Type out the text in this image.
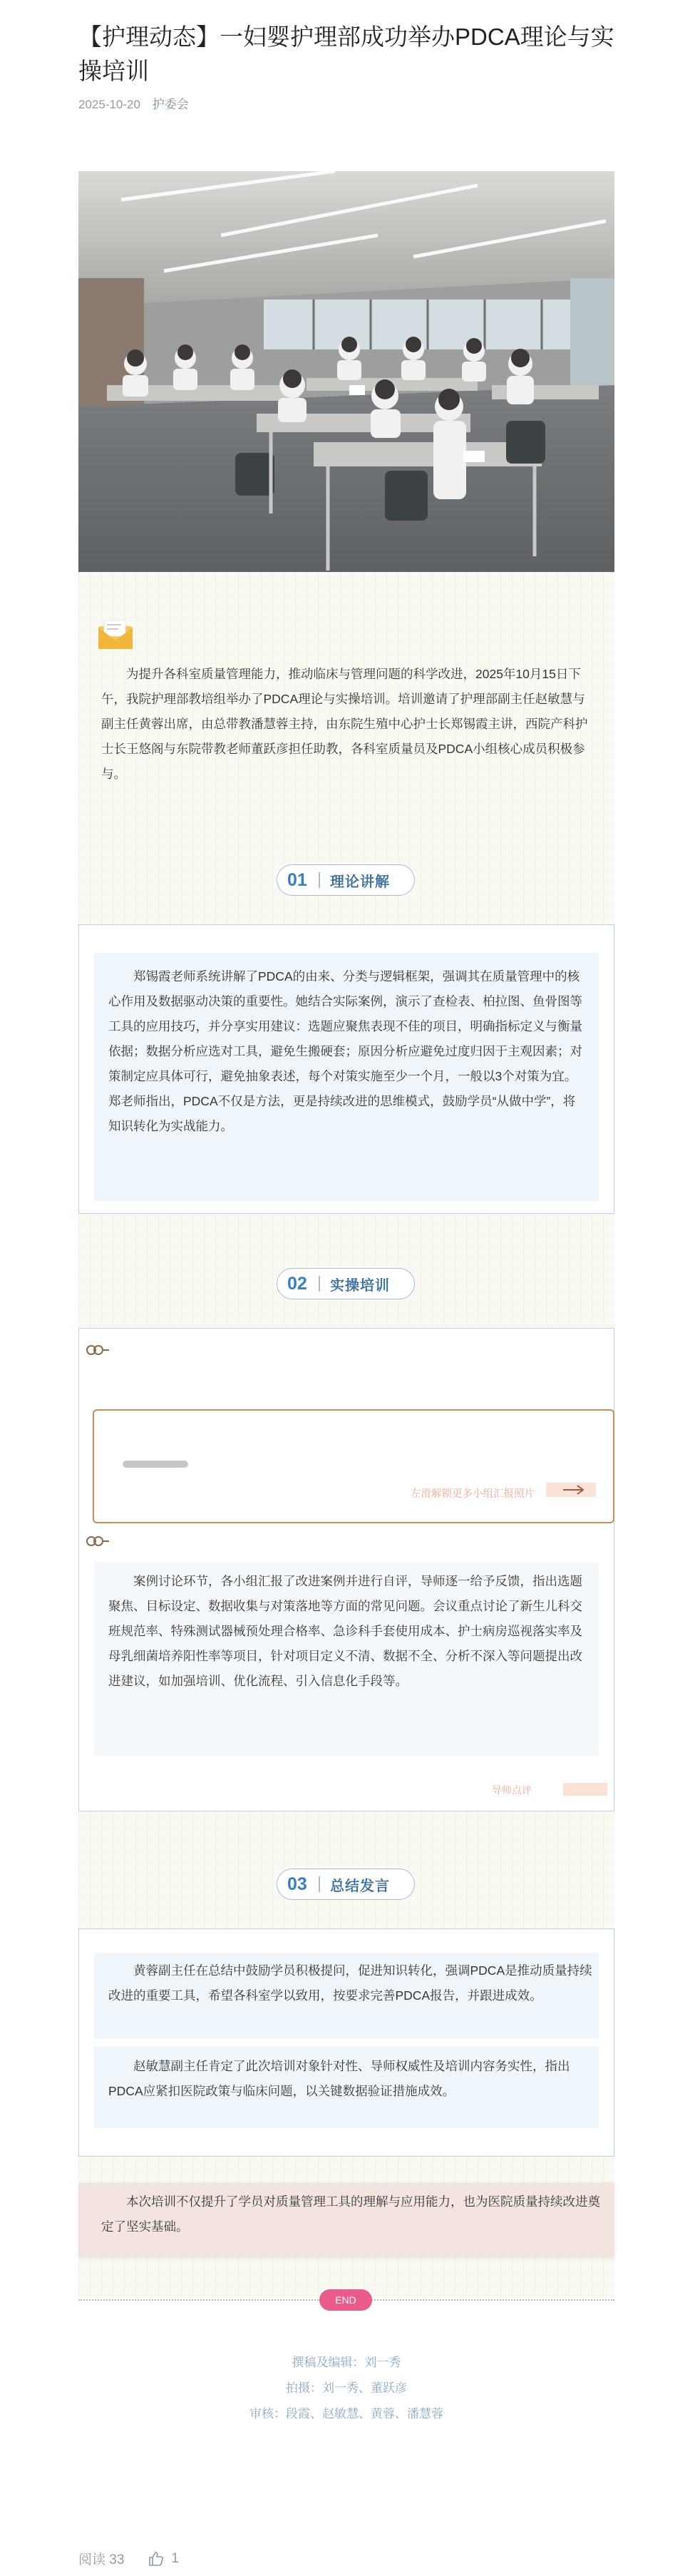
【护理动态】一妇婴护理部成功举办PDCA理论与实操培训
2025-10-20 护委会

为提升各科室质量管理能力，推动临床与管理问题的科学改进，2025年10月15日下午，我院护理部教培组举办了PDCA理论与实操培训。培训邀请了护理部副主任赵敏慧与副主任黄蓉出席，由总带教潘慧蓉主持，由东院生殖中心护士长郑锡霞主讲，西院产科护士长王悠阁与东院带教老师董跃彦担任助教，各科室质量员及PDCA小组核心成员积极参与。

01	理论讲解

郑锡霞老师系统讲解了PDCA的由来、分类与逻辑框架，强调其在质量管理中的核心作用及数据驱动决策的重要性。她结合实际案例，演示了查检表、柏拉图、鱼骨图等工具的应用技巧，并分享实用建议：选题应聚焦表现不佳的项目，明确指标定义与衡量依据；数据分析应选对工具，避免生搬硬套；原因分析应避免过度归因于主观因素；对策制定应具体可行，避免抽象表述，每个对策实施至少一个月，一般以3个对策为宜。郑老师指出，PDCA不仅是方法，更是持续改进的思维模式，鼓励学员“从做中学”，将知识转化为实战能力。

02	实操培训
左滑解锁更多小组汇报照片

案例讨论环节，各小组汇报了改进案例并进行自评，导师逐一给予反馈，指出选题聚焦、目标设定、数据收集与对策落地等方面的常见问题。会议重点讨论了新生儿科交班规范率、特殊测试器械预处理合格率、急诊科手套使用成本、护士病房巡视落实率及母乳细菌培养阳性率等项目，针对项目定义不清、数据不全、分析不深入等问题提出改进建议，如加强培训、优化流程、引入信息化手段等。

导师点评
03	总结发言

黄蓉副主任在总结中鼓励学员积极提问，促进知识转化，强调PDCA是推动质量持续改进的重要工具，希望各科室学以致用，按要求完善PDCA报告，并跟进成效。

赵敏慧副主任肯定了此次培训对象针对性、导师权威性及培训内容务实性，指出PDCA应紧扣医院政策与临床问题，以关键数据验证措施成效。

本次培训不仅提升了学员对质量管理工具的理解与应用能力，也为医院质量持续改进奠定了坚实基础。

END
撰稿及编辑：刘一秀
拍摄：刘一秀、董跃彦
审核：段霞、赵敏慧、黄蓉、潘慧蓉
阅读 33	1
